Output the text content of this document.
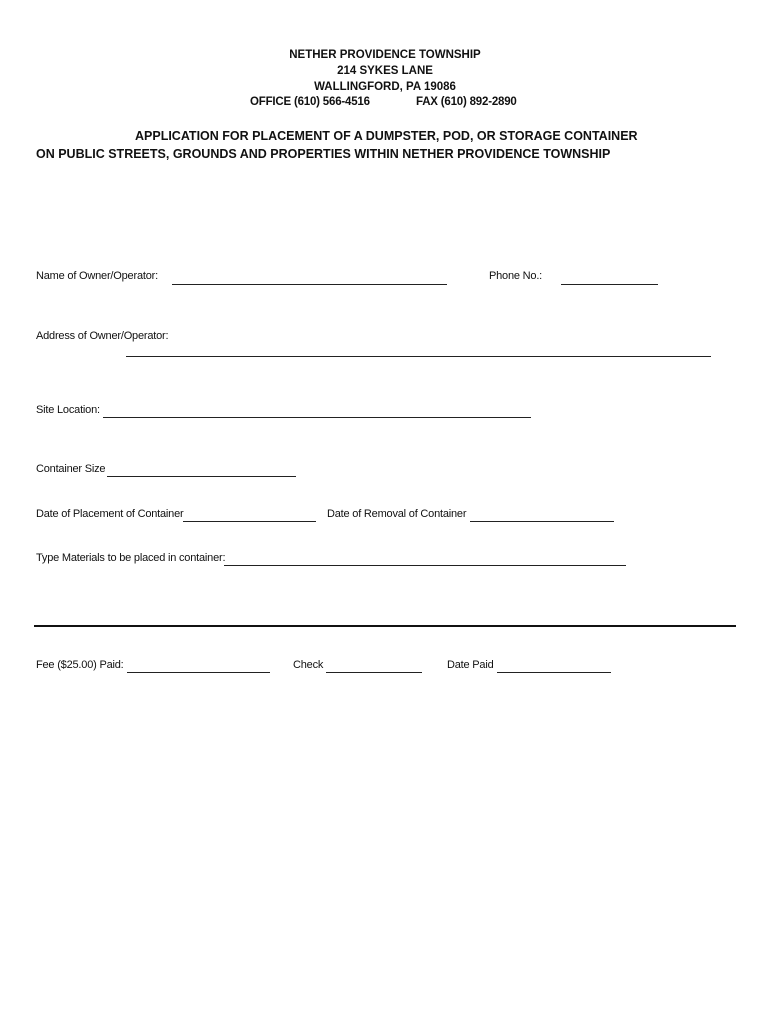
NETHER PROVIDENCE TOWNSHIP
214 SYKES LANE
WALLINGFORD, PA 19086
OFFICE (610) 566-4516	FAX (610) 892-2890
APPLICATION FOR PLACEMENT OF A DUMPSTER, POD, OR STORAGE CONTAINER
ON PUBLIC STREETS, GROUNDS AND PROPERTIES WITHIN NETHER PROVIDENCE TOWNSHIP
Name of Owner/Operator:	Phone No.:
Address of Owner/Operator:
Site Location:
Container Size
Date of Placement of Container	Date of Removal of Container
Type Materials to be placed in container:
Fee ($25.00) Paid:	Check	Date Paid
